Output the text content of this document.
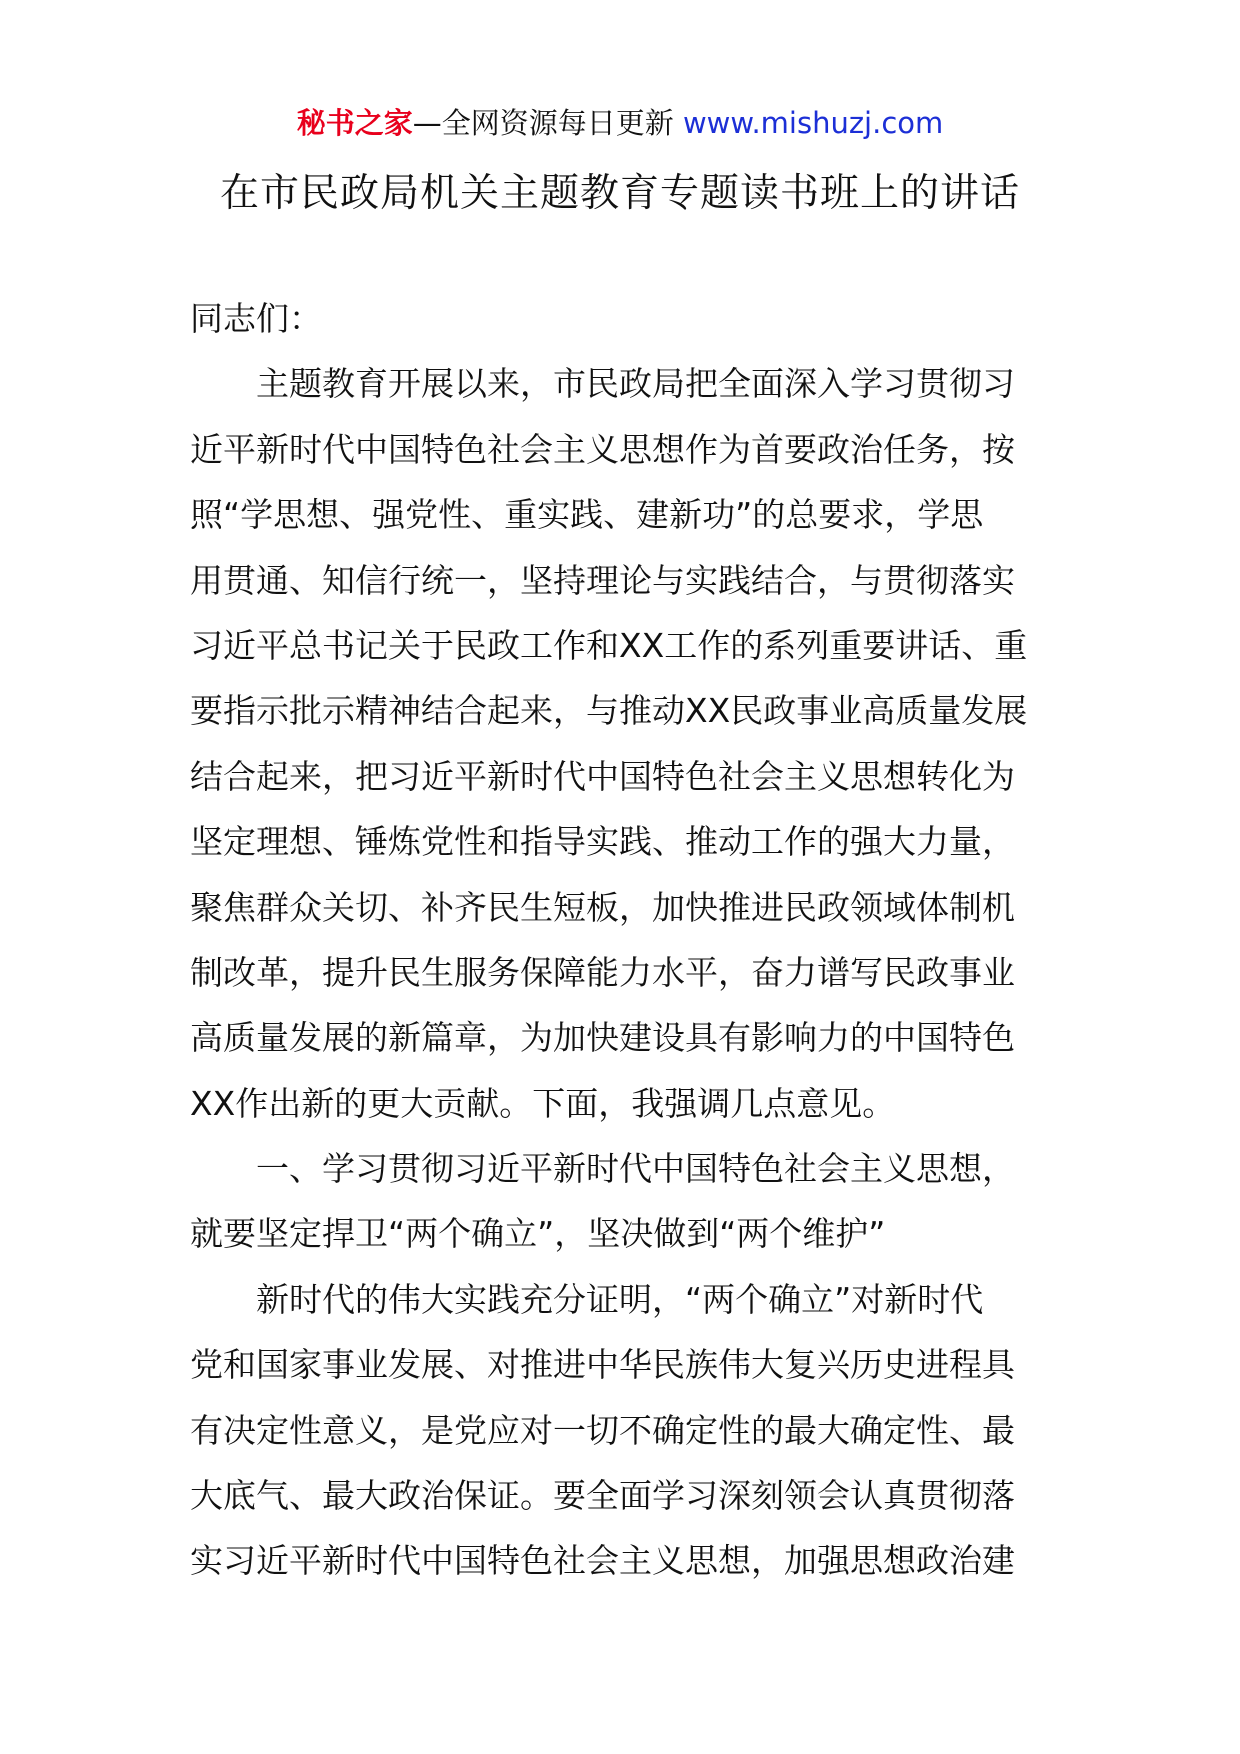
秘书之家—全网资源每日更新 www.mishuzj.com
在市民政局机关主题教育专题读书班上的讲话
同志们：
主题教育开展以来，市民政局把全面深入学习贯彻习
近平新时代中国特色社会主义思想作为首要政治任务，按
照“学思想、强党性、重实践、建新功”的总要求，学思
用贯通、知信行统一，坚持理论与实践结合，与贯彻落实
习近平总书记关于民政工作和XX工作的系列重要讲话、重
要指示批示精神结合起来，与推动XX民政事业高质量发展
结合起来，把习近平新时代中国特色社会主义思想转化为
坚定理想、锤炼党性和指导实践、推动工作的强大力量，
聚焦群众关切、补齐民生短板，加快推进民政领域体制机
制改革，提升民生服务保障能力水平，奋力谱写民政事业
高质量发展的新篇章，为加快建设具有影响力的中国特色
XX作出新的更大贡献。下面，我强调几点意见。
一、学习贯彻习近平新时代中国特色社会主义思想，
就要坚定捍卫“两个确立”，坚决做到“两个维护”
新时代的伟大实践充分证明，“两个确立”对新时代
党和国家事业发展、对推进中华民族伟大复兴历史进程具
有决定性意义，是党应对一切不确定性的最大确定性、最
大底气、最大政治保证。要全面学习深刻领会认真贯彻落
实习近平新时代中国特色社会主义思想，加强思想政治建
